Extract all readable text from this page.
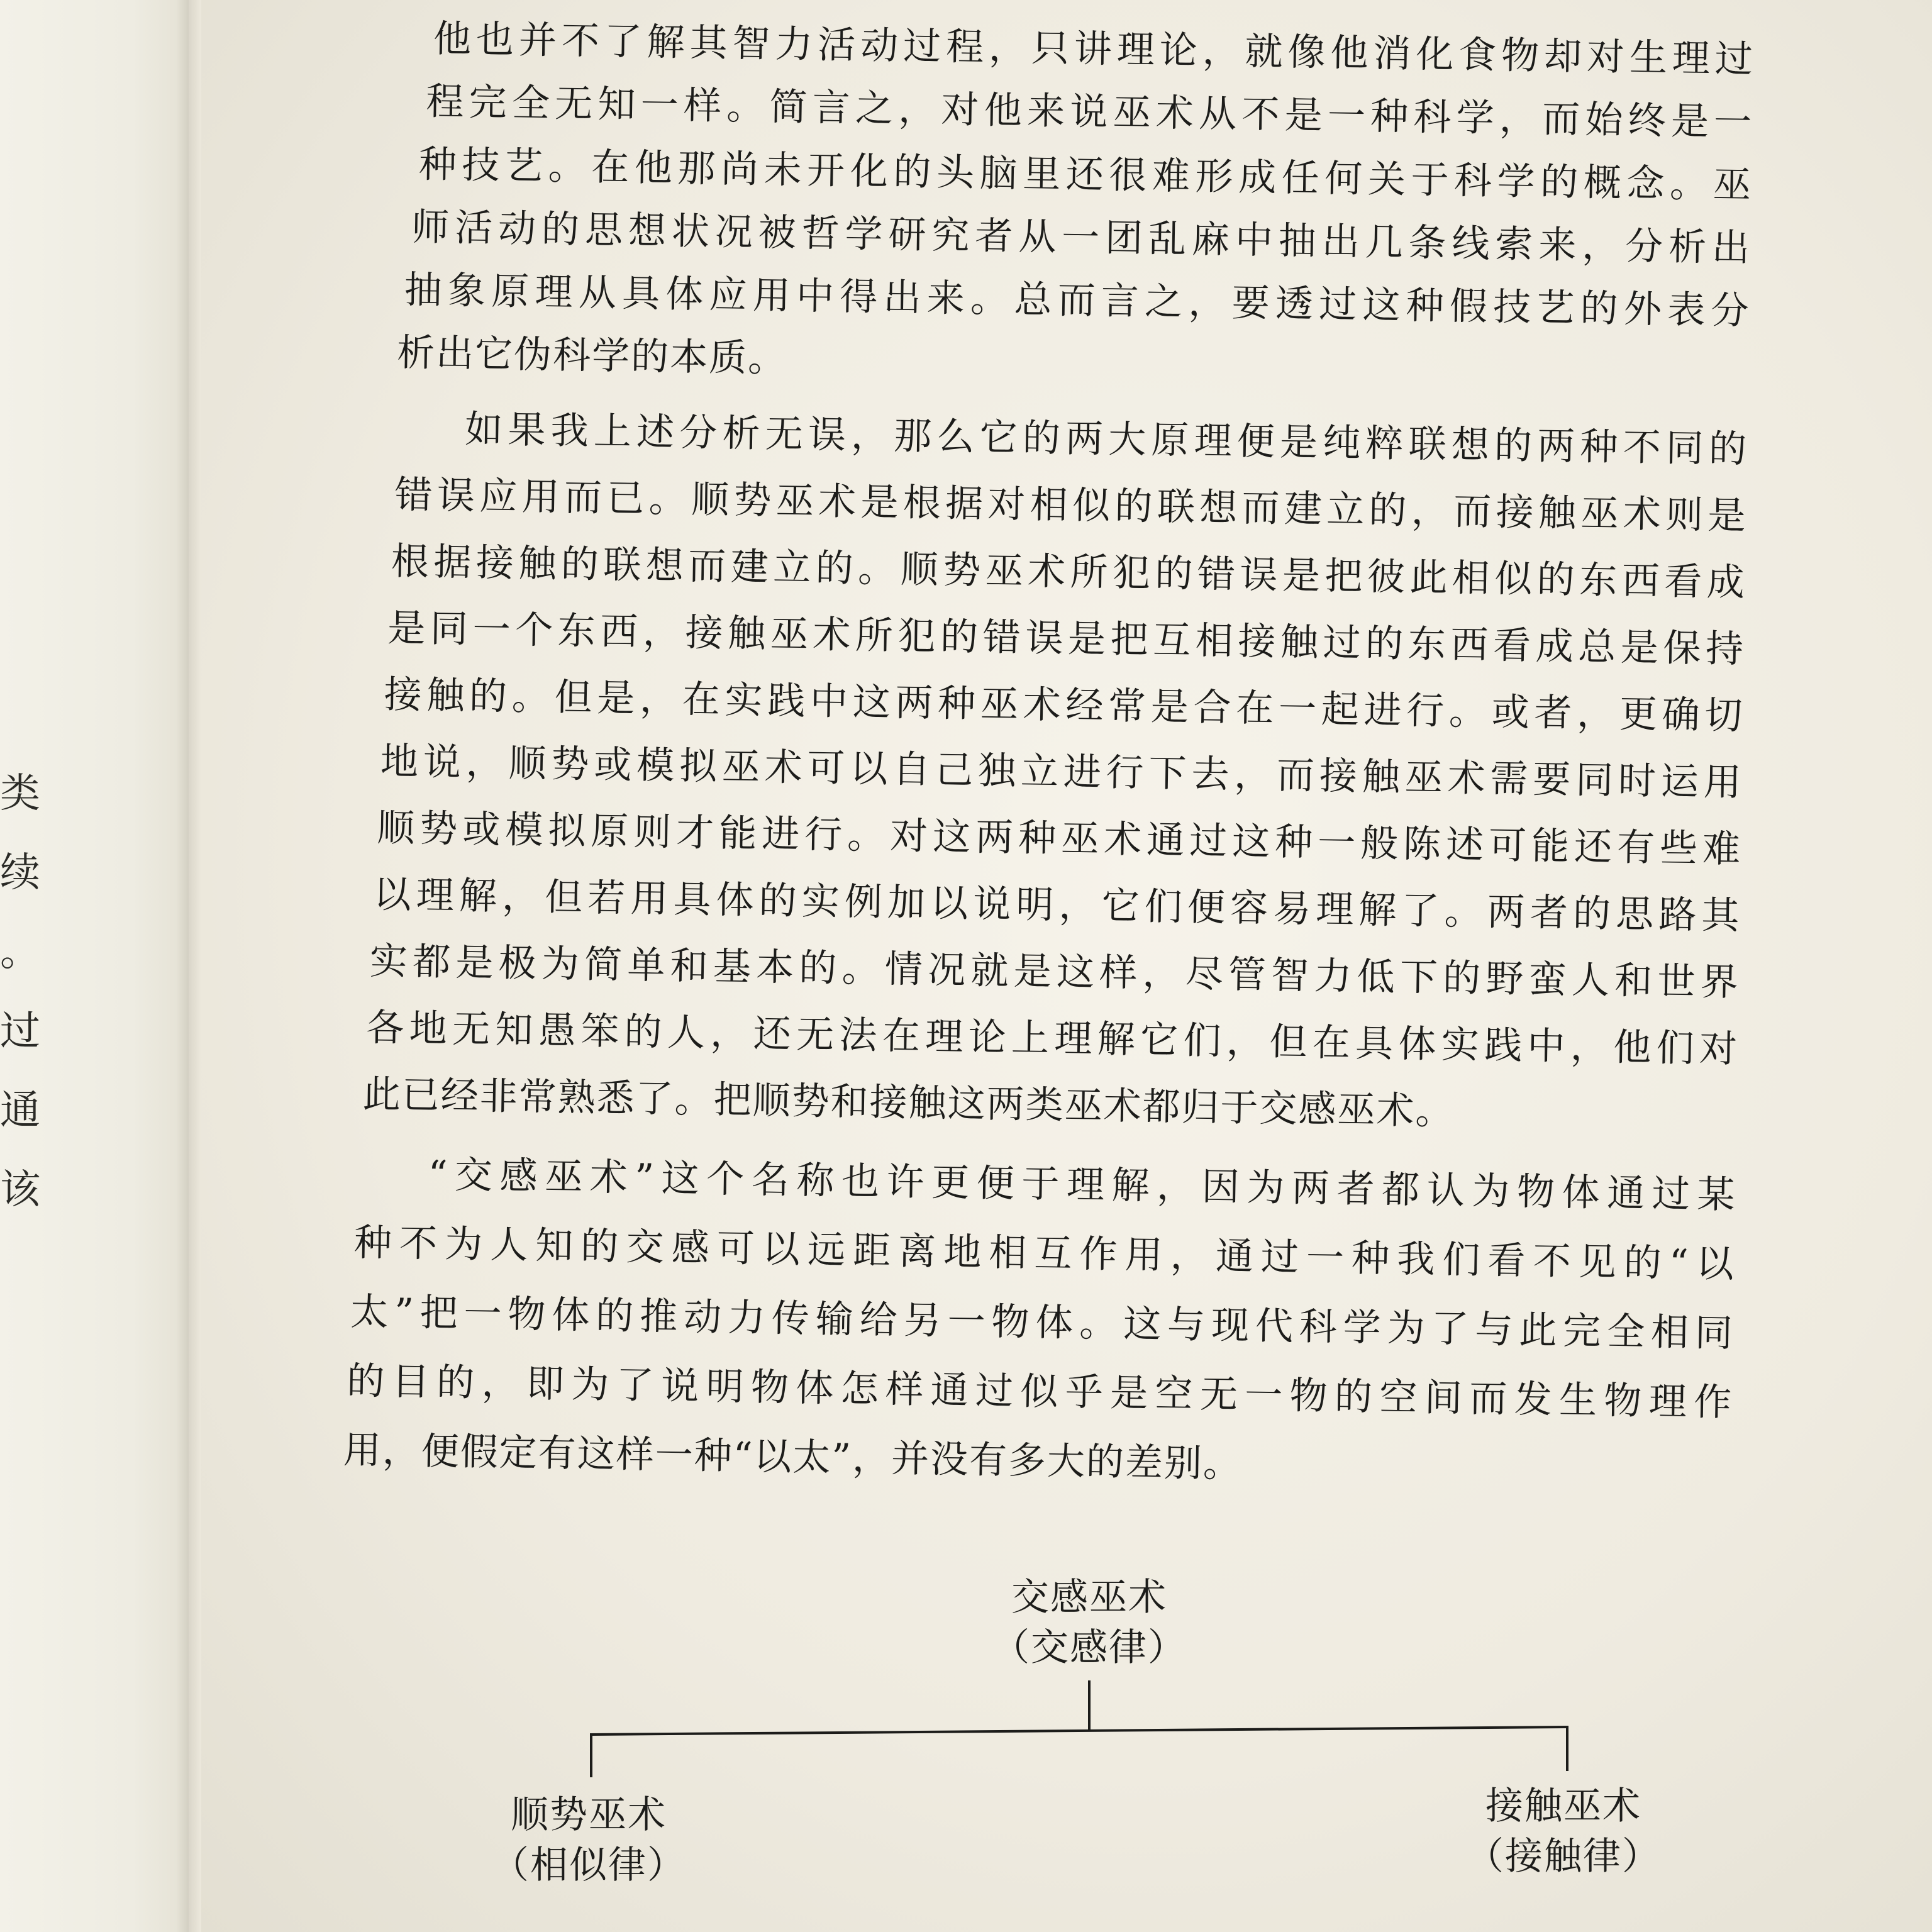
类
续
。
过
通
该
他也并不了解其智力活动过程，只讲理论，就像他消化食物却对生理过
程完全无知一样。简言之，对他来说巫术从不是一种科学，而始终是一
种技艺。在他那尚未开化的头脑里还很难形成任何关于科学的概念。巫
师活动的思想状况被哲学研究者从一团乱麻中抽出几条线索来，分析出
抽象原理从具体应用中得出来。总而言之，要透过这种假技艺的外表分
析出它伪科学的本质。
如果我上述分析无误，那么它的两大原理便是纯粹联想的两种不同的
错误应用而已。顺势巫术是根据对相似的联想而建立的，而接触巫术则是
根据接触的联想而建立的。顺势巫术所犯的错误是把彼此相似的东西看成
是同一个东西，接触巫术所犯的错误是把互相接触过的东西看成总是保持
接触的。但是，在实践中这两种巫术经常是合在一起进行。或者，更确切
地说，顺势或模拟巫术可以自己独立进行下去，而接触巫术需要同时运用
顺势或模拟原则才能进行。对这两种巫术通过这种一般陈述可能还有些难
以理解，但若用具体的实例加以说明，它们便容易理解了。两者的思路其
实都是极为简单和基本的。情况就是这样，尽管智力低下的野蛮人和世界
各地无知愚笨的人，还无法在理论上理解它们，但在具体实践中，他们对
此已经非常熟悉了。把顺势和接触这两类巫术都归于交感巫术。
“交感巫术”这个名称也许更便于理解，因为两者都认为物体通过某
种不为人知的交感可以远距离地相互作用，通过一种我们看不见的“以
太”把一物体的推动力传输给另一物体。这与现代科学为了与此完全相同
的目的，即为了说明物体怎样通过似乎是空无一物的空间而发生物理作
用，便假定有这样一种“以太”，并没有多大的差别。
交感巫术
（交感律）
顺势巫术
（相似律）
接触巫术
（接触律）
